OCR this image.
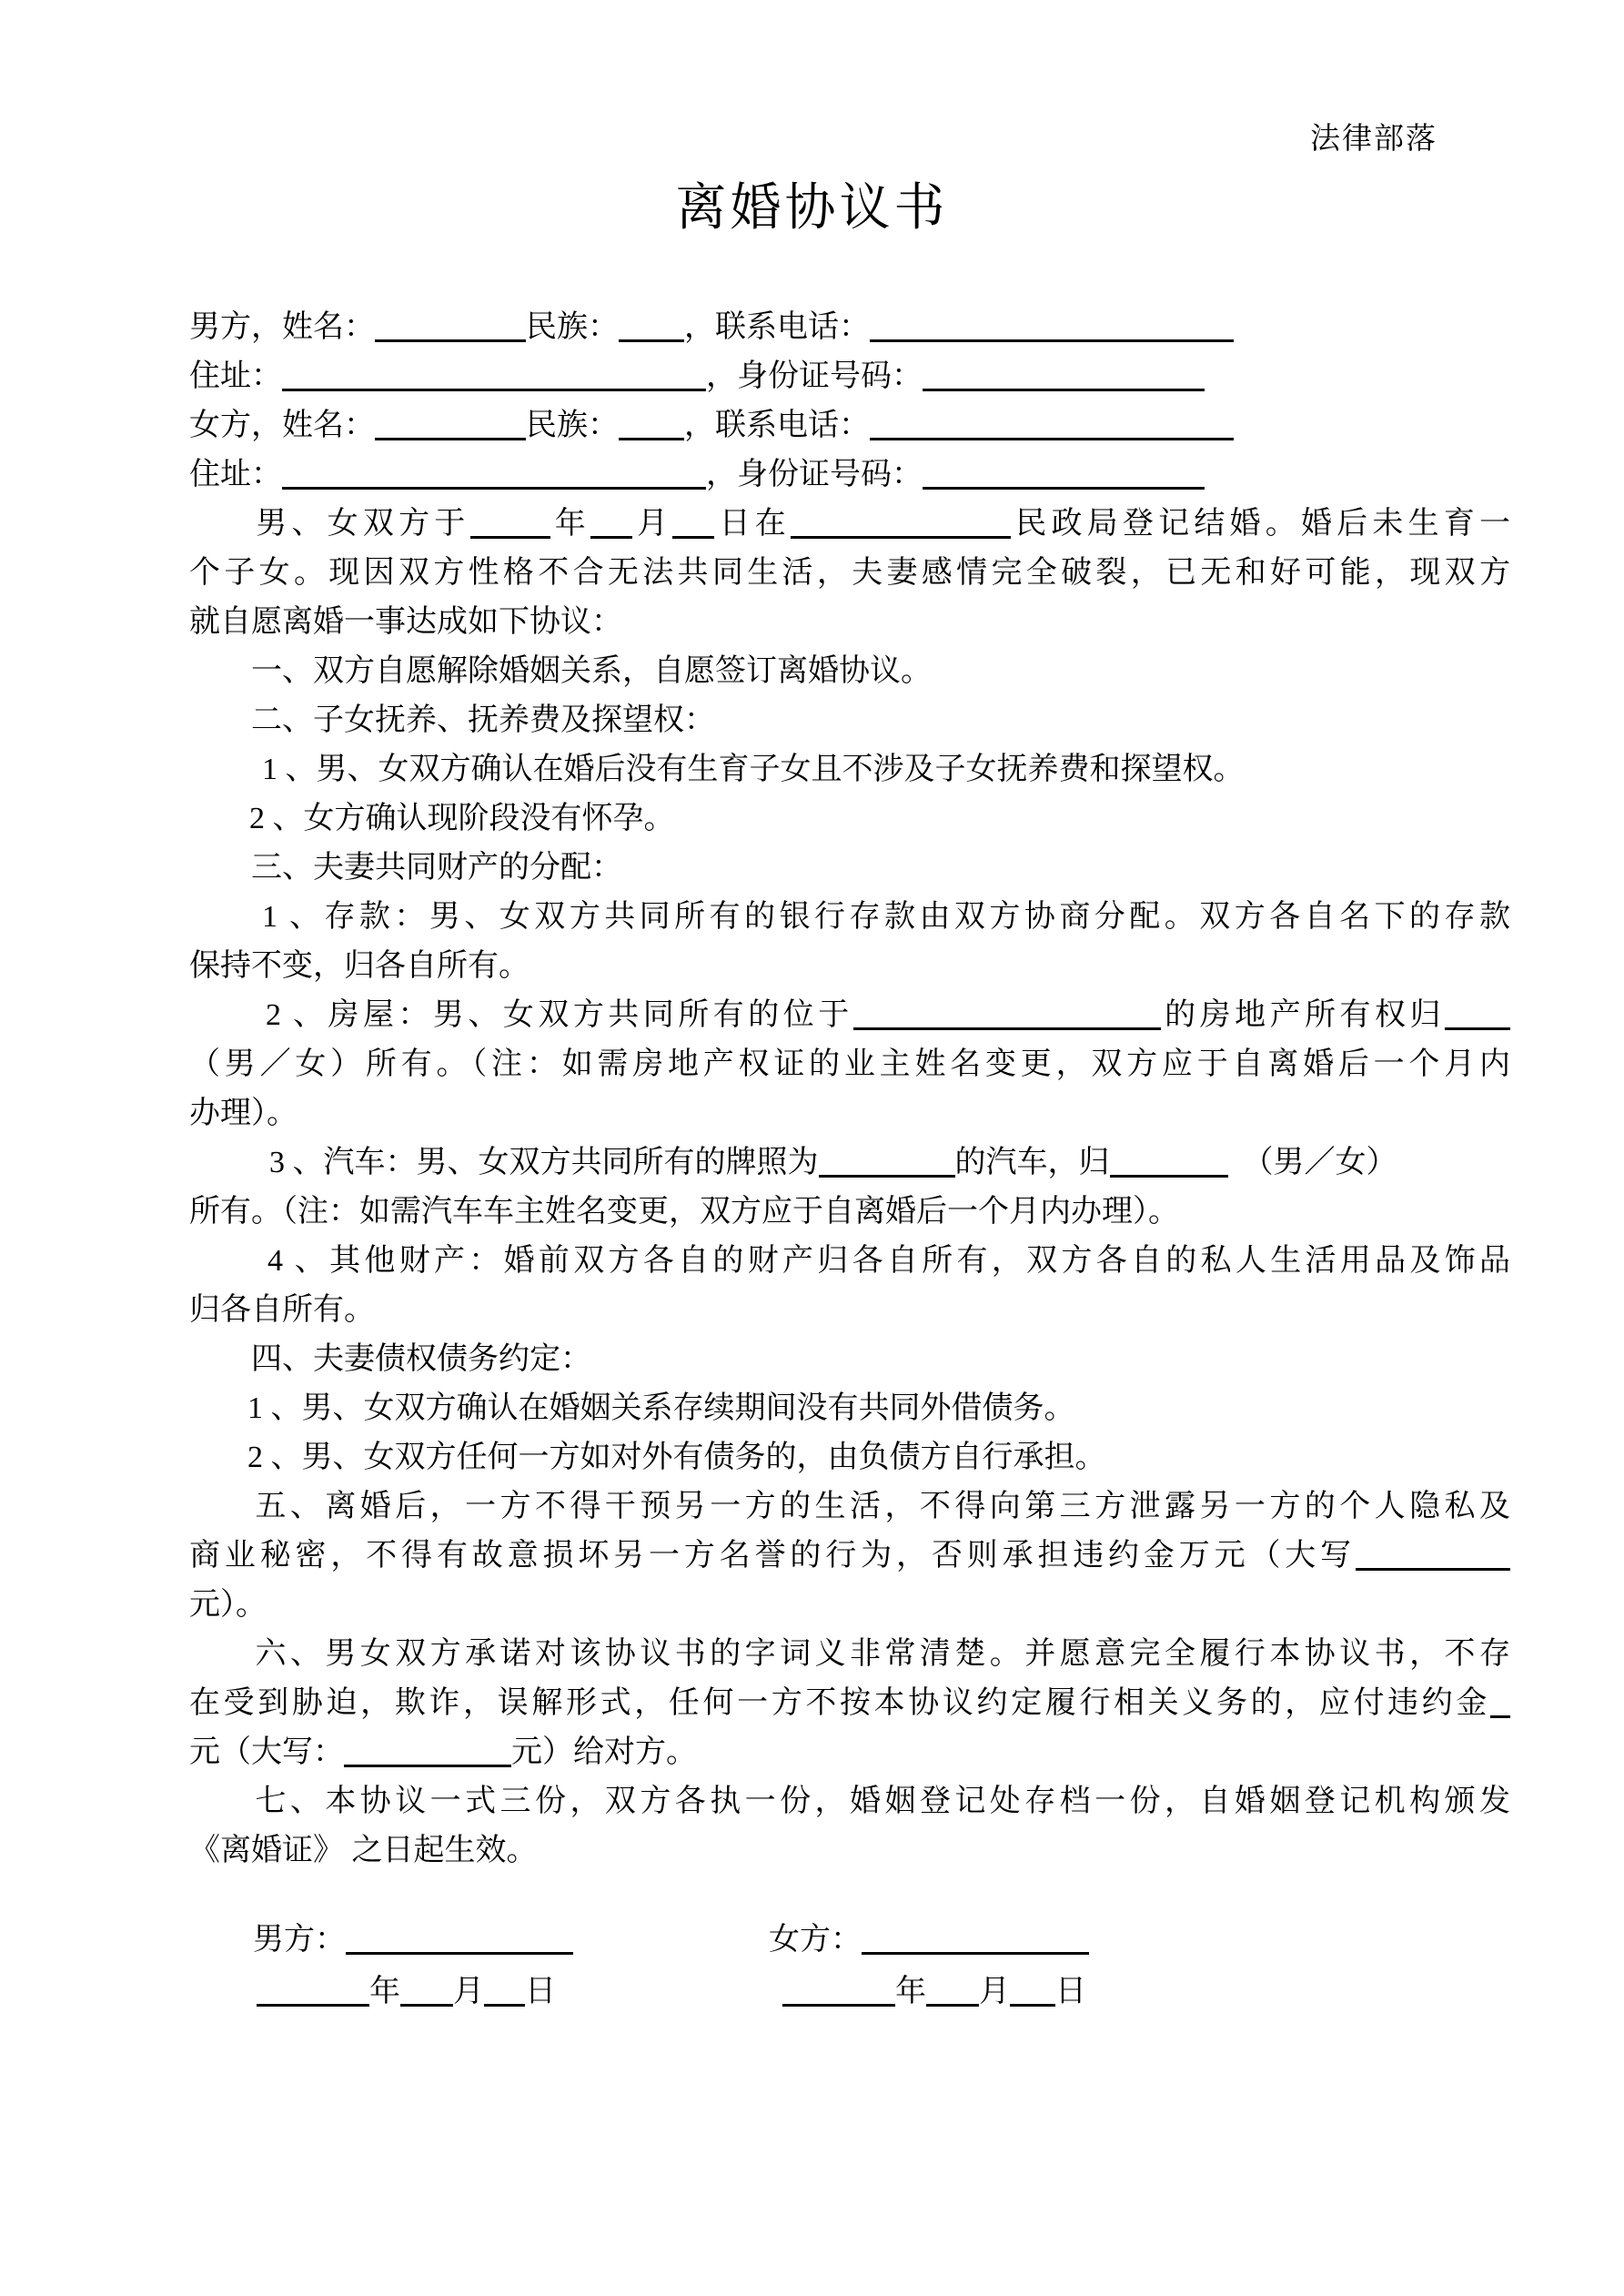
法律部落
离婚协议书
男方，姓名：	民族： ，联系电话：
住址：	，身份证号码：
女方，姓名：	民族： ，联系电话：
住址：	，身份证号码：
男、女双方于	年 月 日在	民政局登记结婚。婚后未生育一
个子女。现因双方性格不合无法共同生活，夫妻感情完全破裂，已无和好可能，现双方
就自愿离婚一事达成如下协议：
一、双方自愿解除婚姻关系，自愿签订离婚协议。
二、子女抚养、抚养费及探望权：
1 、男、女双方确认在婚后没有生育子女且不涉及子女抚养费和探望权。
2 、女方确认现阶段没有怀孕。
三、夫妻共同财产的分配：
1 、存款：男、女双方共同所有的银行存款由双方协商分配。双方各自名下的存款
保持不变，归各自所有。
2 、房屋：男、女双方共同所有的位于	的房地产所有权归
（男／女）所有。（注：如需房地产权证的业主姓名变更，双方应于自离婚后一个月内
办理）。
3 、汽车：男、女双方共同所有的牌照为	的汽车，归	（男／女）
所有。（注：如需汽车车主姓名变更，双方应于自离婚后一个月内办理）。
4 、其他财产：婚前双方各自的财产归各自所有，双方各自的私人生活用品及饰品
归各自所有。
四、夫妻债权债务约定：
1 、男、女双方确认在婚姻关系存续期间没有共同外借债务。
2 、男、女双方任何一方如对外有债务的，由负债方自行承担。
五、离婚后，一方不得干预另一方的生活，不得向第三方泄露另一方的个人隐私及
商业秘密，不得有故意损坏另一方名誉的行为，否则承担违约金万元（大写
元）。
六、男女双方承诺对该协议书的字词义非常清楚。并愿意完全履行本协议书，不存
在受到胁迫，欺诈，误解形式，任何一方不按本协议约定履行相关义务的，应付违约金
元（大写：	元）给对方。
七、本协议一式三份，双方各执一份，婚姻登记处存档一份，自婚姻登记机构颁发
《离婚证》 之日起生效。
男方：	女方：
年 月 日	年 月 日
